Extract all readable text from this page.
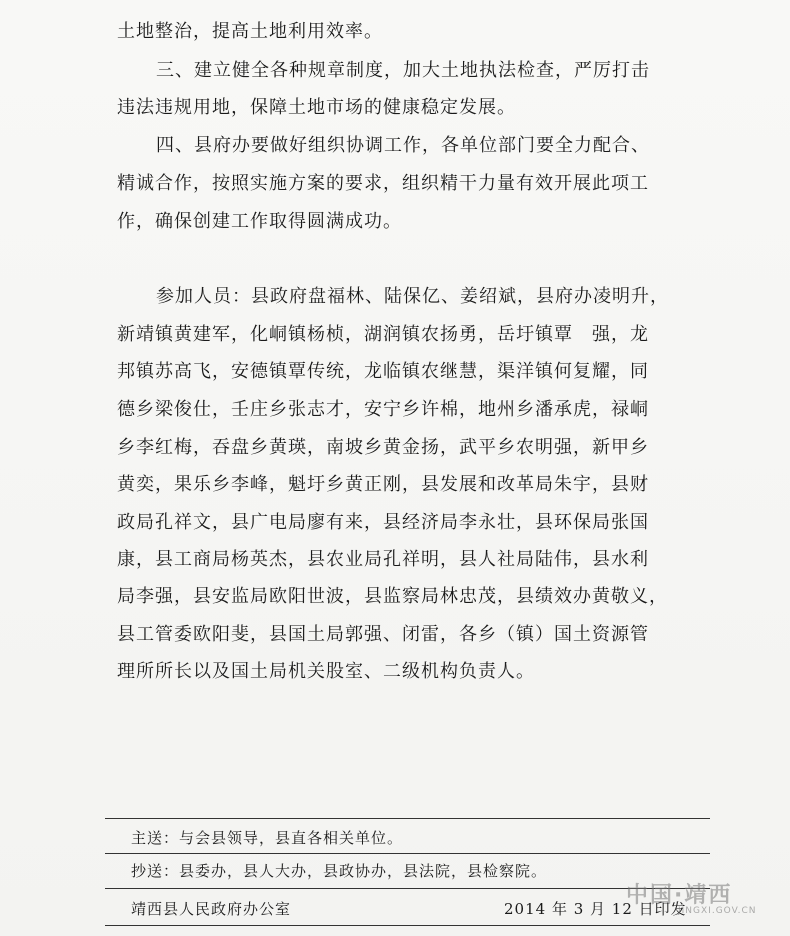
土地整治，提高土地利用效率。
三、建立健全各种规章制度，加大土地执法检查，严厉打击
违法违规用地，保障土地市场的健康稳定发展。
四、县府办要做好组织协调工作，各单位部门要全力配合、
精诚合作，按照实施方案的要求，组织精干力量有效开展此项工
作，确保创建工作取得圆满成功。
参加人员：县政府盘福林、陆保亿、姜绍斌，县府办凌明升，
新靖镇黄建军，化峒镇杨桢，湖润镇农扬勇，岳圩镇覃　强，龙
邦镇苏高飞，安德镇覃传统，龙临镇农继慧，渠洋镇何复耀，同
德乡梁俊仕，壬庄乡张志才，安宁乡许棉，地州乡潘承虎，禄峒
乡李红梅，吞盘乡黄瑛，南坡乡黄金扬，武平乡农明强，新甲乡
黄奕，果乐乡李峰，魁圩乡黄正刚，县发展和改革局朱宇，县财
政局孔祥文，县广电局廖有来，县经济局李永壮，县环保局张国
康，县工商局杨英杰，县农业局孔祥明，县人社局陆伟，县水利
局李强，县安监局欧阳世波，县监察局林忠茂，县绩效办黄敬义，
县工管委欧阳斐，县国土局郭强、闭雷，各乡（镇）国土资源管
理所所长以及国土局机关股室、二级机构负责人。
主送：与会县领导，县直各相关单位。
抄送：县委办，县人大办，县政协办，县法院，县检察院。
靖西县人民政府办公室	2014 年 3 月 12 日印发
中国·靖西
JINGXI.GOV.CN
